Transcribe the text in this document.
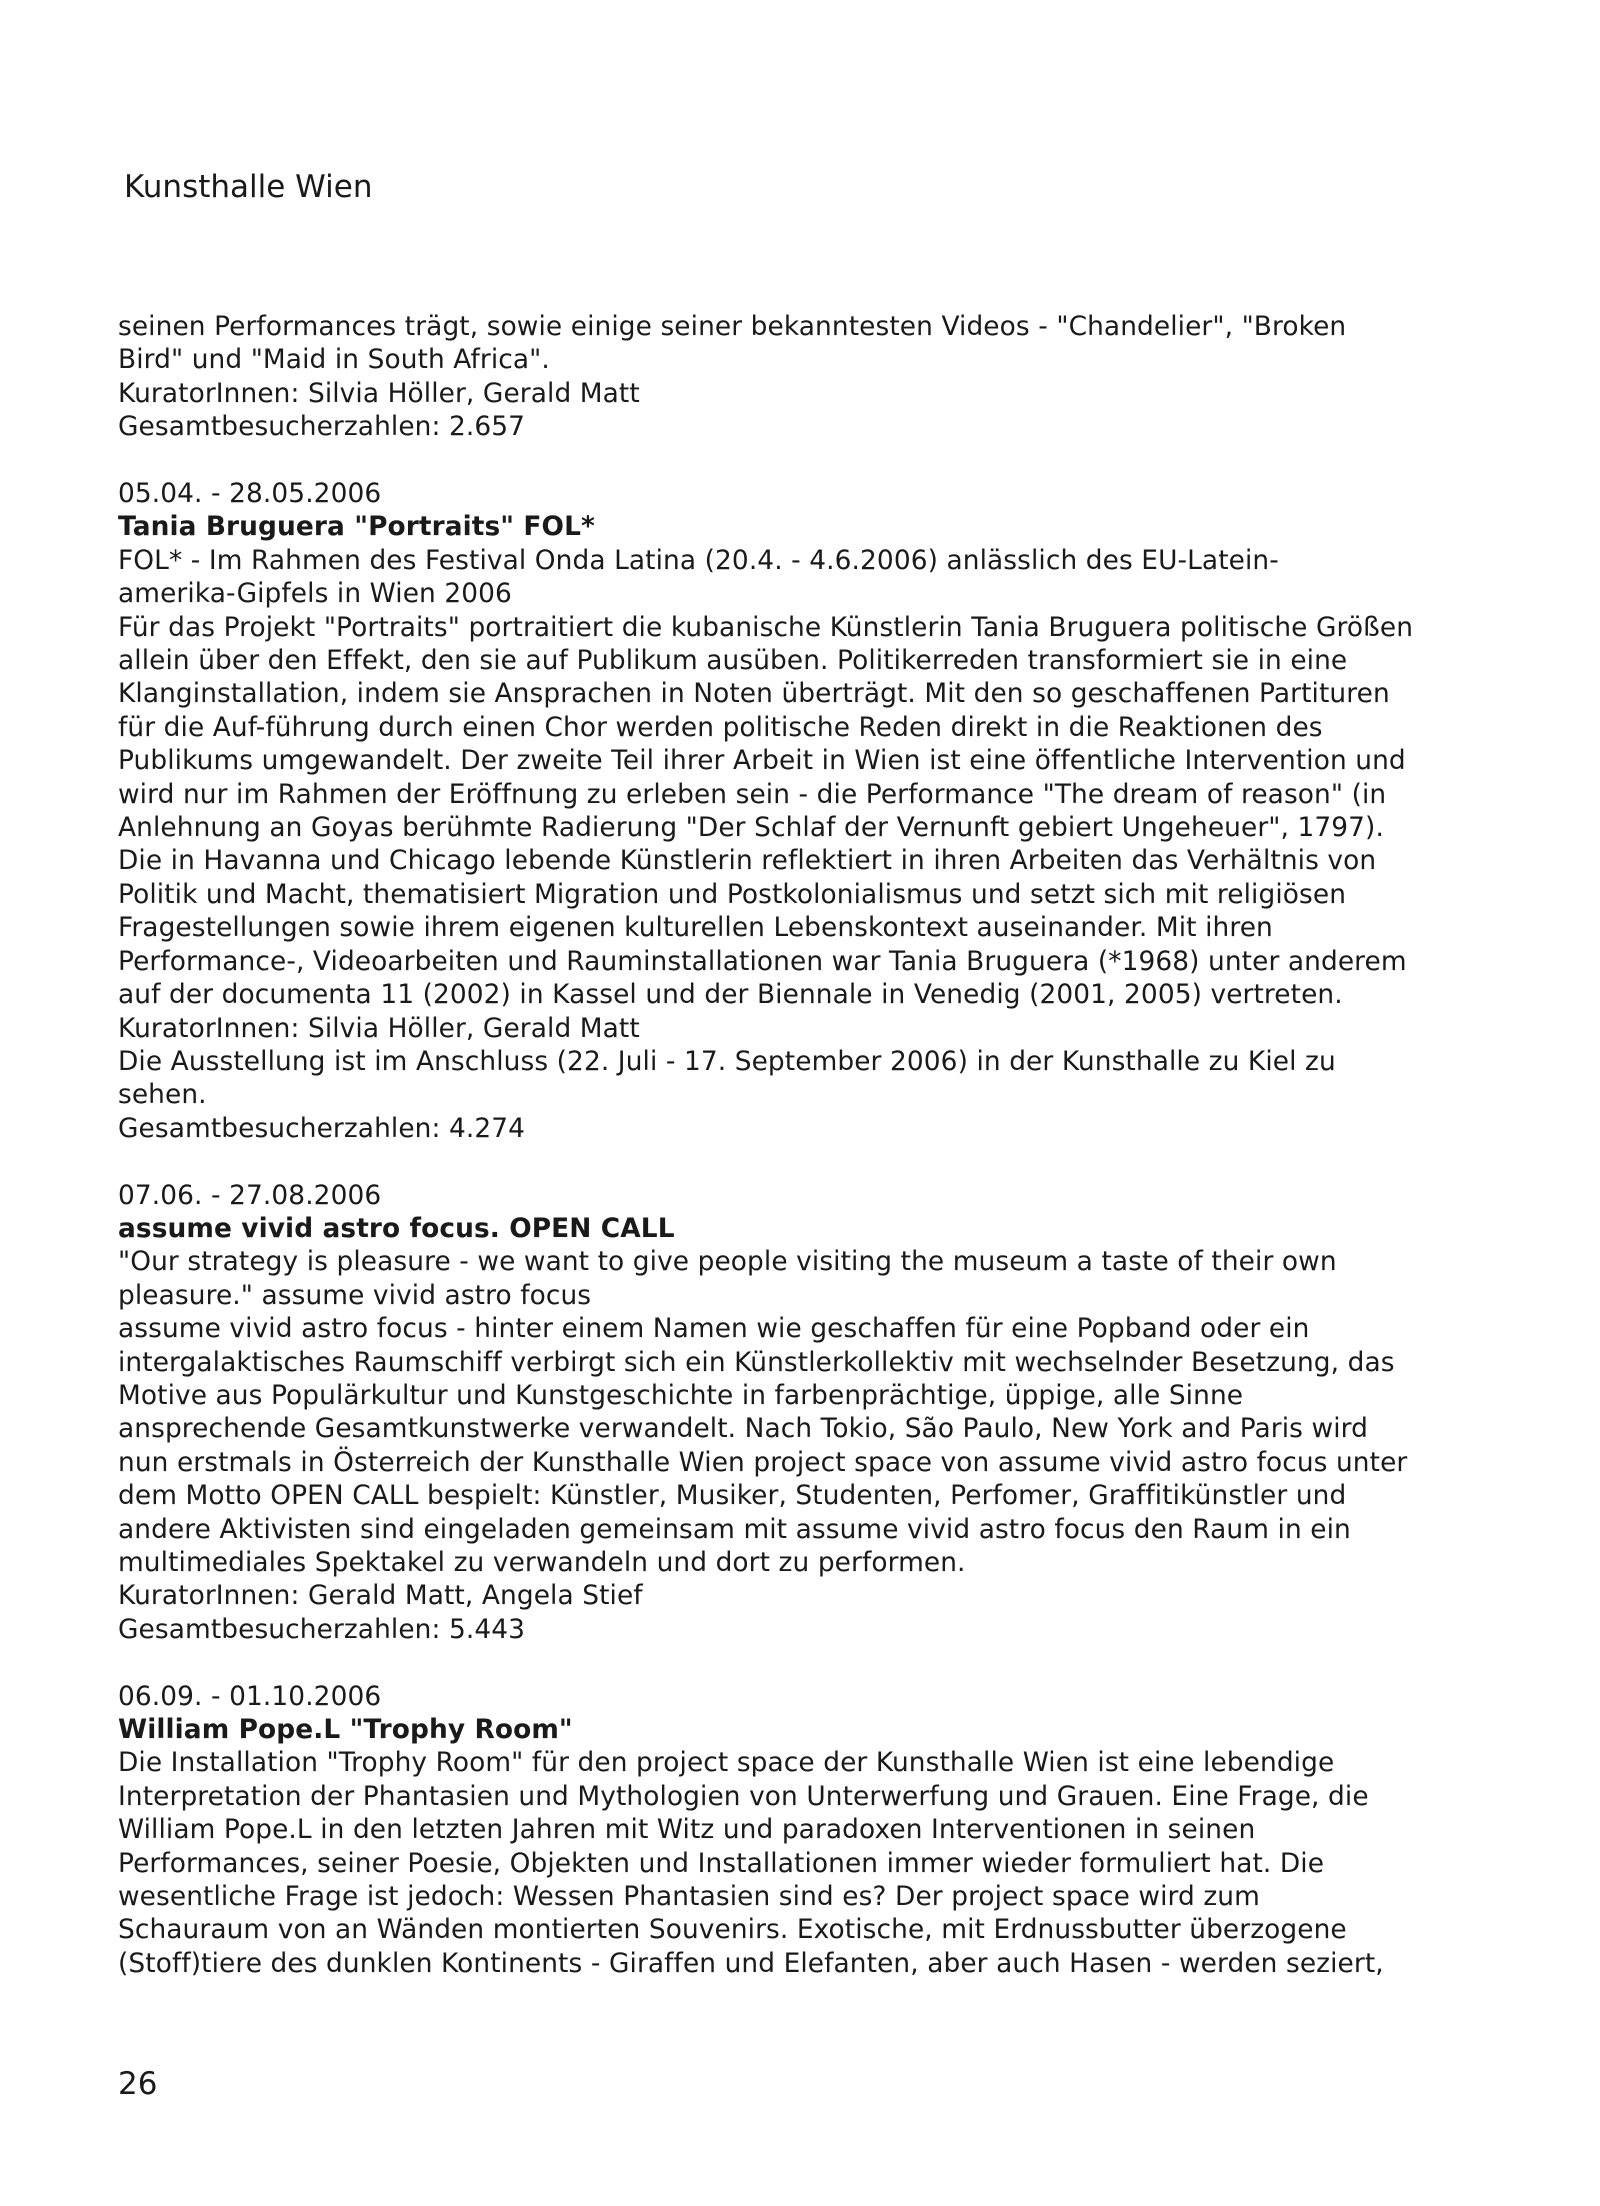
Kunsthalle Wien
seinen Performances trägt, sowie einige seiner bekanntesten Videos - "Chandelier", "Broken
Bird" und "Maid in South Africa".
KuratorInnen: Silvia Höller, Gerald Matt
Gesamtbesucherzahlen: 2.657
05.04. - 28.05.2006
Tania Bruguera "Portraits" FOL*
FOL* - Im Rahmen des Festival Onda Latina (20.4. - 4.6.2006) anlässlich des EU-Latein-
amerika-Gipfels in Wien 2006
Für das Projekt "Portraits" portraitiert die kubanische Künstlerin Tania Bruguera politische Größen
allein über den Effekt, den sie auf Publikum ausüben. Politikerreden transformiert sie in eine
Klanginstallation, indem sie Ansprachen in Noten überträgt. Mit den so geschaffenen Partituren
für die Auf-führung durch einen Chor werden politische Reden direkt in die Reaktionen des
Publikums umgewandelt. Der zweite Teil ihrer Arbeit in Wien ist eine öffentliche Intervention und
wird nur im Rahmen der Eröffnung zu erleben sein - die Performance "The dream of reason" (in
Anlehnung an Goyas berühmte Radierung "Der Schlaf der Vernunft gebiert Ungeheuer", 1797).
Die in Havanna und Chicago lebende Künstlerin reflektiert in ihren Arbeiten das Verhältnis von
Politik und Macht, thematisiert Migration und Postkolonialismus und setzt sich mit religiösen
Fragestellungen sowie ihrem eigenen kulturellen Lebenskontext auseinander. Mit ihren
Performance-, Videoarbeiten und Rauminstallationen war Tania Bruguera (*1968) unter anderem
auf der documenta 11 (2002) in Kassel und der Biennale in Venedig (2001, 2005) vertreten.
KuratorInnen: Silvia Höller, Gerald Matt
Die Ausstellung ist im Anschluss (22. Juli - 17. September 2006) in der Kunsthalle zu Kiel zu
sehen.
Gesamtbesucherzahlen: 4.274
07.06. - 27.08.2006
assume vivid astro focus. OPEN CALL
"Our strategy is pleasure - we want to give people visiting the museum a taste of their own
pleasure." assume vivid astro focus
assume vivid astro focus - hinter einem Namen wie geschaffen für eine Popband oder ein
intergalaktisches Raumschiff verbirgt sich ein Künstlerkollektiv mit wechselnder Besetzung, das
Motive aus Populärkultur und Kunstgeschichte in farbenprächtige, üppige, alle Sinne
ansprechende Gesamtkunstwerke verwandelt. Nach Tokio, São Paulo, New York and Paris wird
nun erstmals in Österreich der Kunsthalle Wien project space von assume vivid astro focus unter
dem Motto OPEN CALL bespielt: Künstler, Musiker, Studenten, Perfomer, Graffitikünstler und
andere Aktivisten sind eingeladen gemeinsam mit assume vivid astro focus den Raum in ein
multimediales Spektakel zu verwandeln und dort zu performen.
KuratorInnen: Gerald Matt, Angela Stief
Gesamtbesucherzahlen: 5.443
06.09. - 01.10.2006
William Pope.L "Trophy Room"
Die Installation "Trophy Room" für den project space der Kunsthalle Wien ist eine lebendige
Interpretation der Phantasien und Mythologien von Unterwerfung und Grauen. Eine Frage, die
William Pope.L in den letzten Jahren mit Witz und paradoxen Interventionen in seinen
Performances, seiner Poesie, Objekten und Installationen immer wieder formuliert hat. Die
wesentliche Frage ist jedoch: Wessen Phantasien sind es? Der project space wird zum
Schauraum von an Wänden montierten Souvenirs. Exotische, mit Erdnussbutter überzogene
(Stoff)tiere des dunklen Kontinents - Giraffen und Elefanten, aber auch Hasen - werden seziert,
26
